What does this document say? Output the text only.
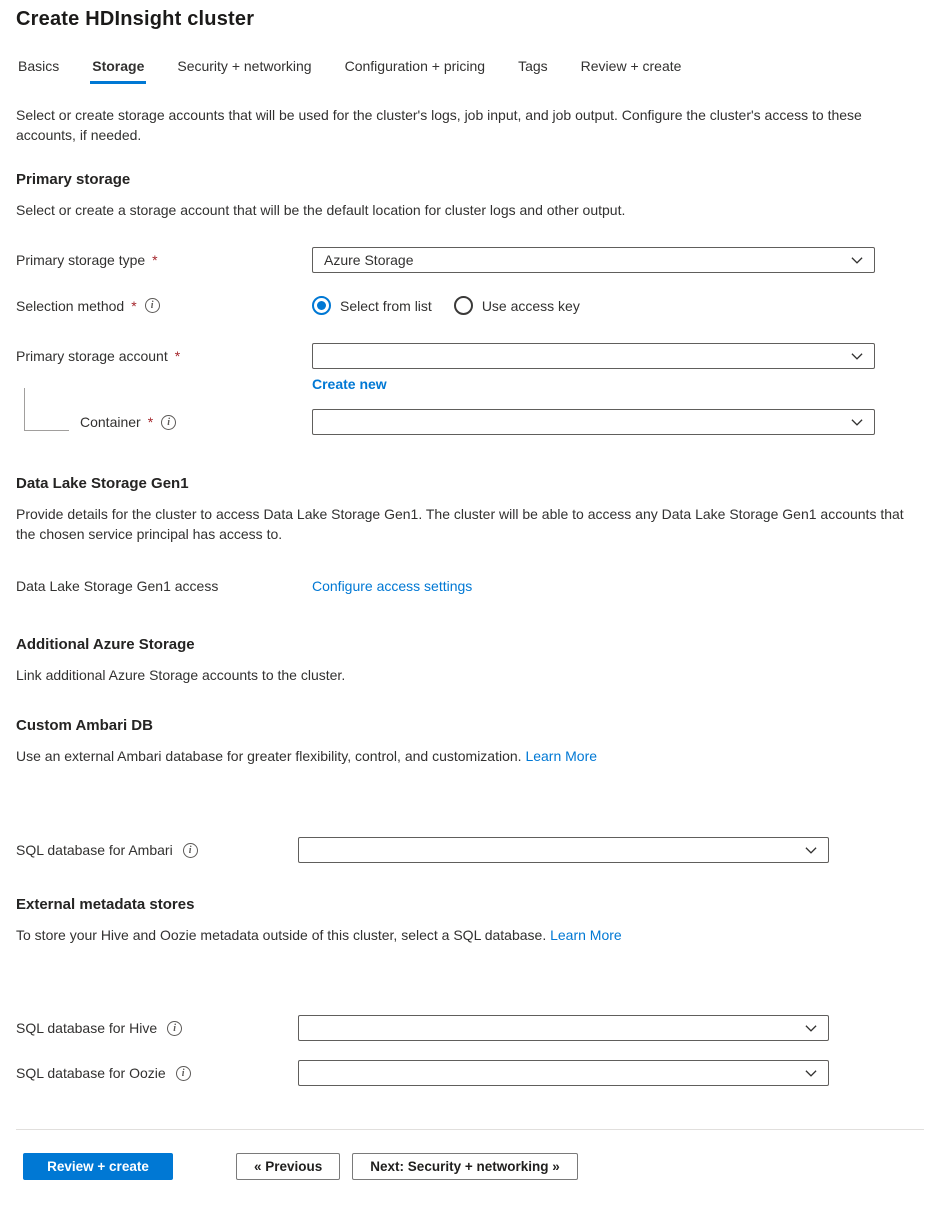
Create HDInsight cluster
Basics Storage Security + networking Configuration + pricing Tags Review + create

Select or create storage accounts that will be used for the cluster's logs, job input, and job output. Configure the cluster's access to these accounts, if needed.

Primary storage

Select or create a storage account that will be the default location for cluster logs and other output.

Primary storage type *	Azure Storage
Selection method *	i	Select from list	Use access key
Primary storage account *
Create new
Container *	i
Data Lake Storage Gen1

Provide details for the cluster to access Data Lake Storage Gen1. The cluster will be able to access any Data Lake Storage Gen1 accounts that the chosen service principal has access to.

Data Lake Storage Gen1 access	Configure access settings
Additional Azure Storage

Link additional Azure Storage accounts to the cluster.

Custom Ambari DB

Use an external Ambari database for greater flexibility, control, and customization. Learn More

SQL database for Ambari	i
External metadata stores

To store your Hive and Oozie metadata outside of this cluster, select a SQL database. Learn More

SQL database for Hive	i
SQL database for Oozie	i
Review + create	« Previous	Next: Security + networking »
